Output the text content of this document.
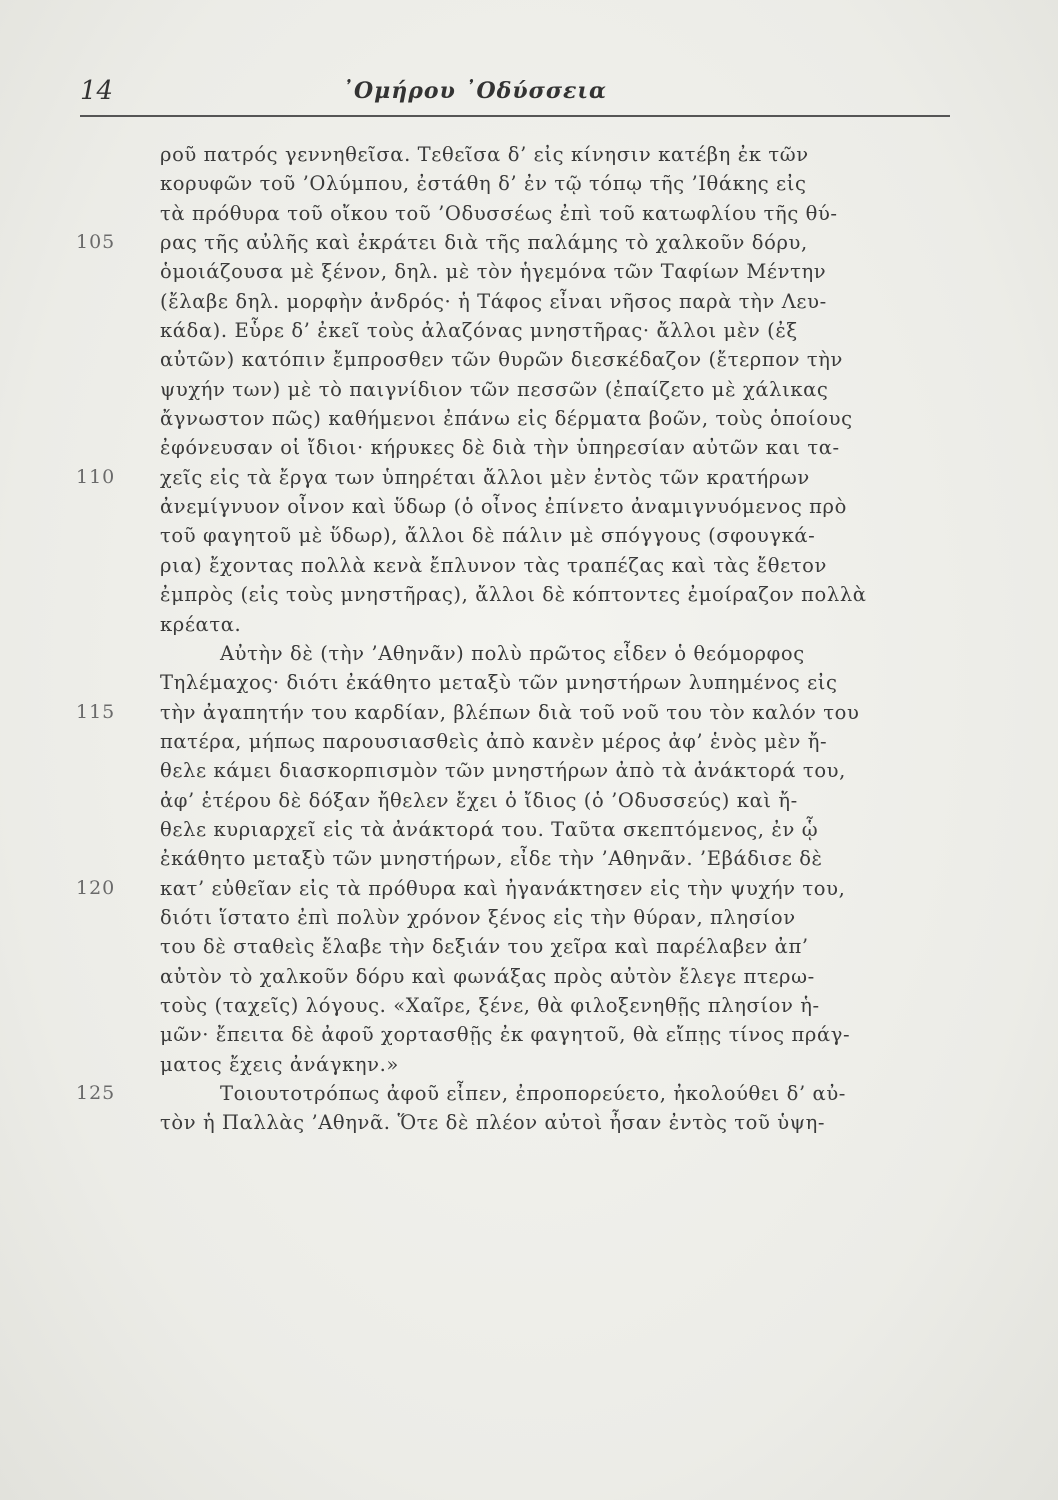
14	᾿Ομήρου ᾿Οδύσσεια
ροῦ πατρός γεννηθεῖσα. Τεθεῖσα δ’ εἰς κίνησιν κατέβη ἐκ τῶν
κορυφῶν τοῦ ’Ολύμπου, ἐστάθη δ’ ἐν τῷ τόπῳ τῆς ’Ιθάκης εἰς
τὰ πρόθυρα τοῦ οἴκου τοῦ ’Οδυσσέως ἐπὶ τοῦ κατωφλίου τῆς θύ-
105 ρας τῆς αὐλῆς καὶ ἐκράτει διὰ τῆς παλάμης τὸ χαλκοῦν δόρυ,
ὁμοιάζουσα μὲ ξένον, δηλ. μὲ τὸν ἡγεμόνα τῶν Ταφίων Μέντην
(ἔλαβε δηλ. μορφὴν ἀνδρός· ἡ Τάφος εἶναι νῆσος παρὰ τὴν Λευ-
κάδα). Εὗρε δ’ ἐκεῖ τοὺς ἀλαζόνας μνηστῆρας· ἄλλοι μὲν (ἐξ
αὐτῶν) κατόπιν ἔμπροσθεν τῶν θυρῶν διεσκέδαζον (ἔτερπον τὴν
ψυχήν των) μὲ τὸ παιγνίδιον τῶν πεσσῶν (ἐπαίζετο μὲ χάλικας
ἄγνωστον πῶς) καθήμενοι ἐπάνω εἰς δέρματα βοῶν, τοὺς ὁποίους
ἐφόνευσαν οἱ ἴδιοι· κήρυκες δὲ διὰ τὴν ὑπηρεσίαν αὐτῶν και τα-
110 χεῖς εἰς τὰ ἔργα των ὑπηρέται ἄλλοι μὲν ἐντὸς τῶν κρατήρων
ἀνεμίγνυον οἶνον καὶ ὕδωρ (ὁ οἶνος ἐπίνετο ἀναμιγνυόμενος πρὸ
τοῦ φαγητοῦ μὲ ὕδωρ), ἄλλοι δὲ πάλιν μὲ σπόγγους (σφουγκά-
ρια) ἔχοντας πολλὰ κενὰ ἔπλυνον τὰς τραπέζας καὶ τὰς ἔθετον
ἐμπρὸς (εἰς τοὺς μνηστῆρας), ἄλλοι δὲ κόπτοντες ἐμοίραζον πολλὰ
κρέατα.
Αὐτὴν δὲ (τὴν ’Αθηνᾶν) πολὺ πρῶτος εἶδεν ὁ θεόμορφος
Τηλέμαχος· διότι ἐκάθητο μεταξὺ τῶν μνηστήρων λυπημένος εἰς
115 τὴν ἀγαπητήν του καρδίαν, βλέπων διὰ τοῦ νοῦ του τὸν καλόν του
πατέρα, μήπως παρουσιασθεὶς ἀπὸ κανὲν μέρος ἀφ’ ἑνὸς μὲν ἤ-
θελε κάμει διασκορπισμὸν τῶν μνηστήρων ἀπὸ τὰ ἀνάκτορά του,
ἀφ’ ἑτέρου δὲ δόξαν ἤθελεν ἔχει ὁ ἴδιος (ὁ ’Οδυσσεύς) καὶ ἤ-
θελε κυριαρχεῖ εἰς τὰ ἀνάκτορά του. Ταῦτα σκεπτόμενος, ἐν ᾧ
ἐκάθητο μεταξὺ τῶν μνηστήρων, εἶδε τὴν ’Αθηνᾶν. ’Εβάδισε δὲ
120 κατ’ εὐθεῖαν εἰς τὰ πρόθυρα καὶ ἠγανάκτησεν εἰς τὴν ψυχήν του,
διότι ἵστατο ἐπὶ πολὺν χρόνον ξένος εἰς τὴν θύραν, πλησίον
του δὲ σταθεὶς ἔλαβε τὴν δεξιάν του χεῖρα καὶ παρέλαβεν ἀπ’
αὐτὸν τὸ χαλκοῦν δόρυ καὶ φωνάξας πρὸς αὐτὸν ἔλεγε πτερω-
τοὺς (ταχεῖς) λόγους. «Χαῖρε, ξένε, θὰ φιλοξενηθῇς πλησίον ἡ-
μῶν· ἔπειτα δὲ ἀφοῦ χορτασθῇς ἐκ φαγητοῦ, θὰ εἴπῃς τίνος πράγ-
ματος ἔχεις ἀνάγκην.»
125	Τοιουτοτρόπως ἀφοῦ εἶπεν, ἐπροπορεύετο, ἠκολούθει δ’ αὐ-
τὸν ἡ Παλλὰς ’Αθηνᾶ. Ὅτε δὲ πλέον αὐτοὶ ἦσαν ἐντὸς τοῦ ὑψη-
